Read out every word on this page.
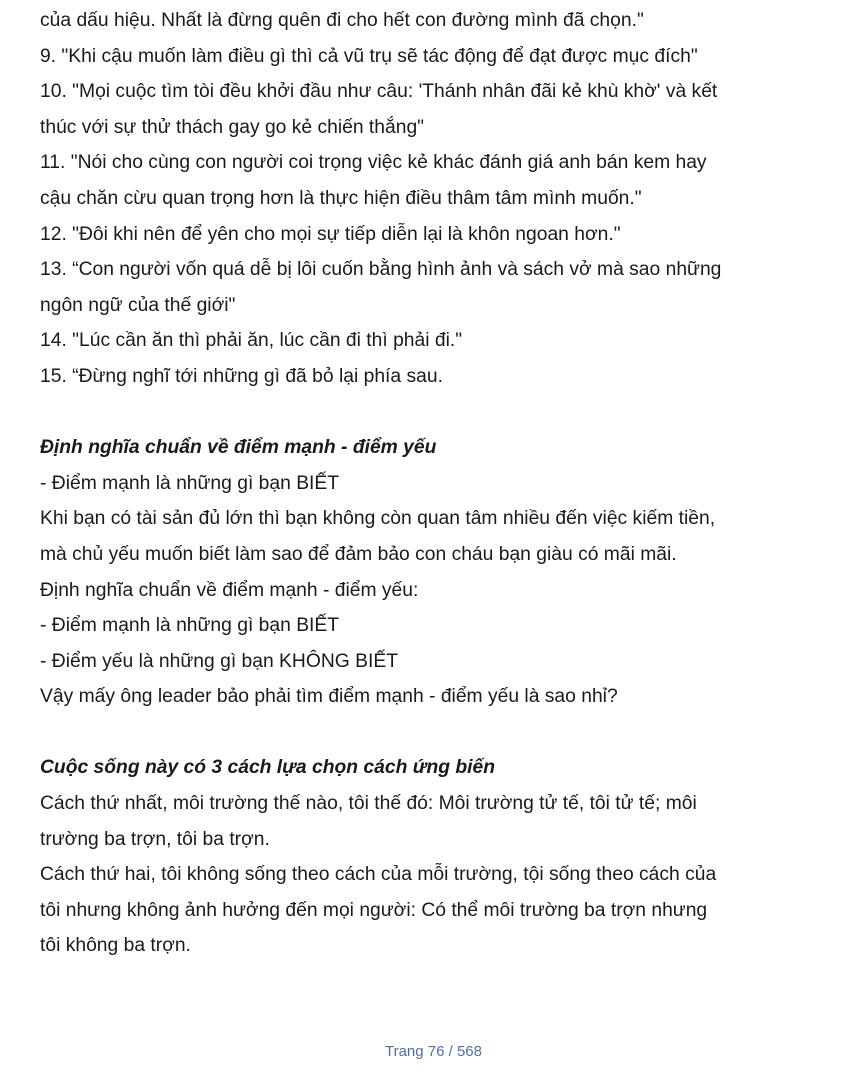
của dấu hiệu. Nhất là đừng quên đi cho hết con đường mình đã chọn."
9. "Khi cậu muốn làm điều gì thì cả vũ trụ sẽ tác động để đạt được mục đích"
10. "Mọi cuộc tìm tòi đều khởi đầu như câu: 'Thánh nhân đãi kẻ khù khờ' và kết
thúc với sự thử thách gay go kẻ chiến thắng"
11. "Nói cho cùng con người coi trọng việc kẻ khác đánh giá anh bán kem hay
cậu chăn cừu quan trọng hơn là thực hiện điều thâm tâm mình muốn."
12. "Đôi khi nên để yên cho mọi sự tiếp diễn lại là khôn ngoan hơn."
13. “Con người vốn quá dễ bị lôi cuốn bằng hình ảnh và sách vở mà sao những
ngôn ngữ của thế giới"
14. "Lúc cần ăn thì phải ăn, lúc cần đi thì phải đi."
15. “Đừng nghĩ tới những gì đã bỏ lại phía sau.
Định nghĩa chuẩn về điểm mạnh - điểm yếu
- Điểm mạnh là những gì bạn BIẾT
Khi bạn có tài sản đủ lớn thì bạn không còn quan tâm nhiều đến việc kiếm tiền,
mà chủ yếu muốn biết làm sao để đảm bảo con cháu bạn giàu có mãi mãi.
Định nghĩa chuẩn về điểm mạnh - điểm yếu:
- Điểm mạnh là những gì bạn BIẾT
- Điểm yếu là những gì bạn KHÔNG BIẾT
Vậy mấy ông leader bảo phải tìm điểm mạnh - điểm yếu là sao nhỉ?
Cuộc sống này có 3 cách lựa chọn cách ứng biến
Cách thứ nhất, môi trường thế nào, tôi thế đó: Môi trường tử tế, tôi tử tế; môi
trường ba trợn, tôi ba trợn.
Cách thứ hai, tôi không sống theo cách của mỗi trường, tội sống theo cách của
tôi nhưng không ảnh hưởng đến mọi người: Có thể môi trường ba trợn nhưng
tôi không ba trợn.
Trang 76 / 568
